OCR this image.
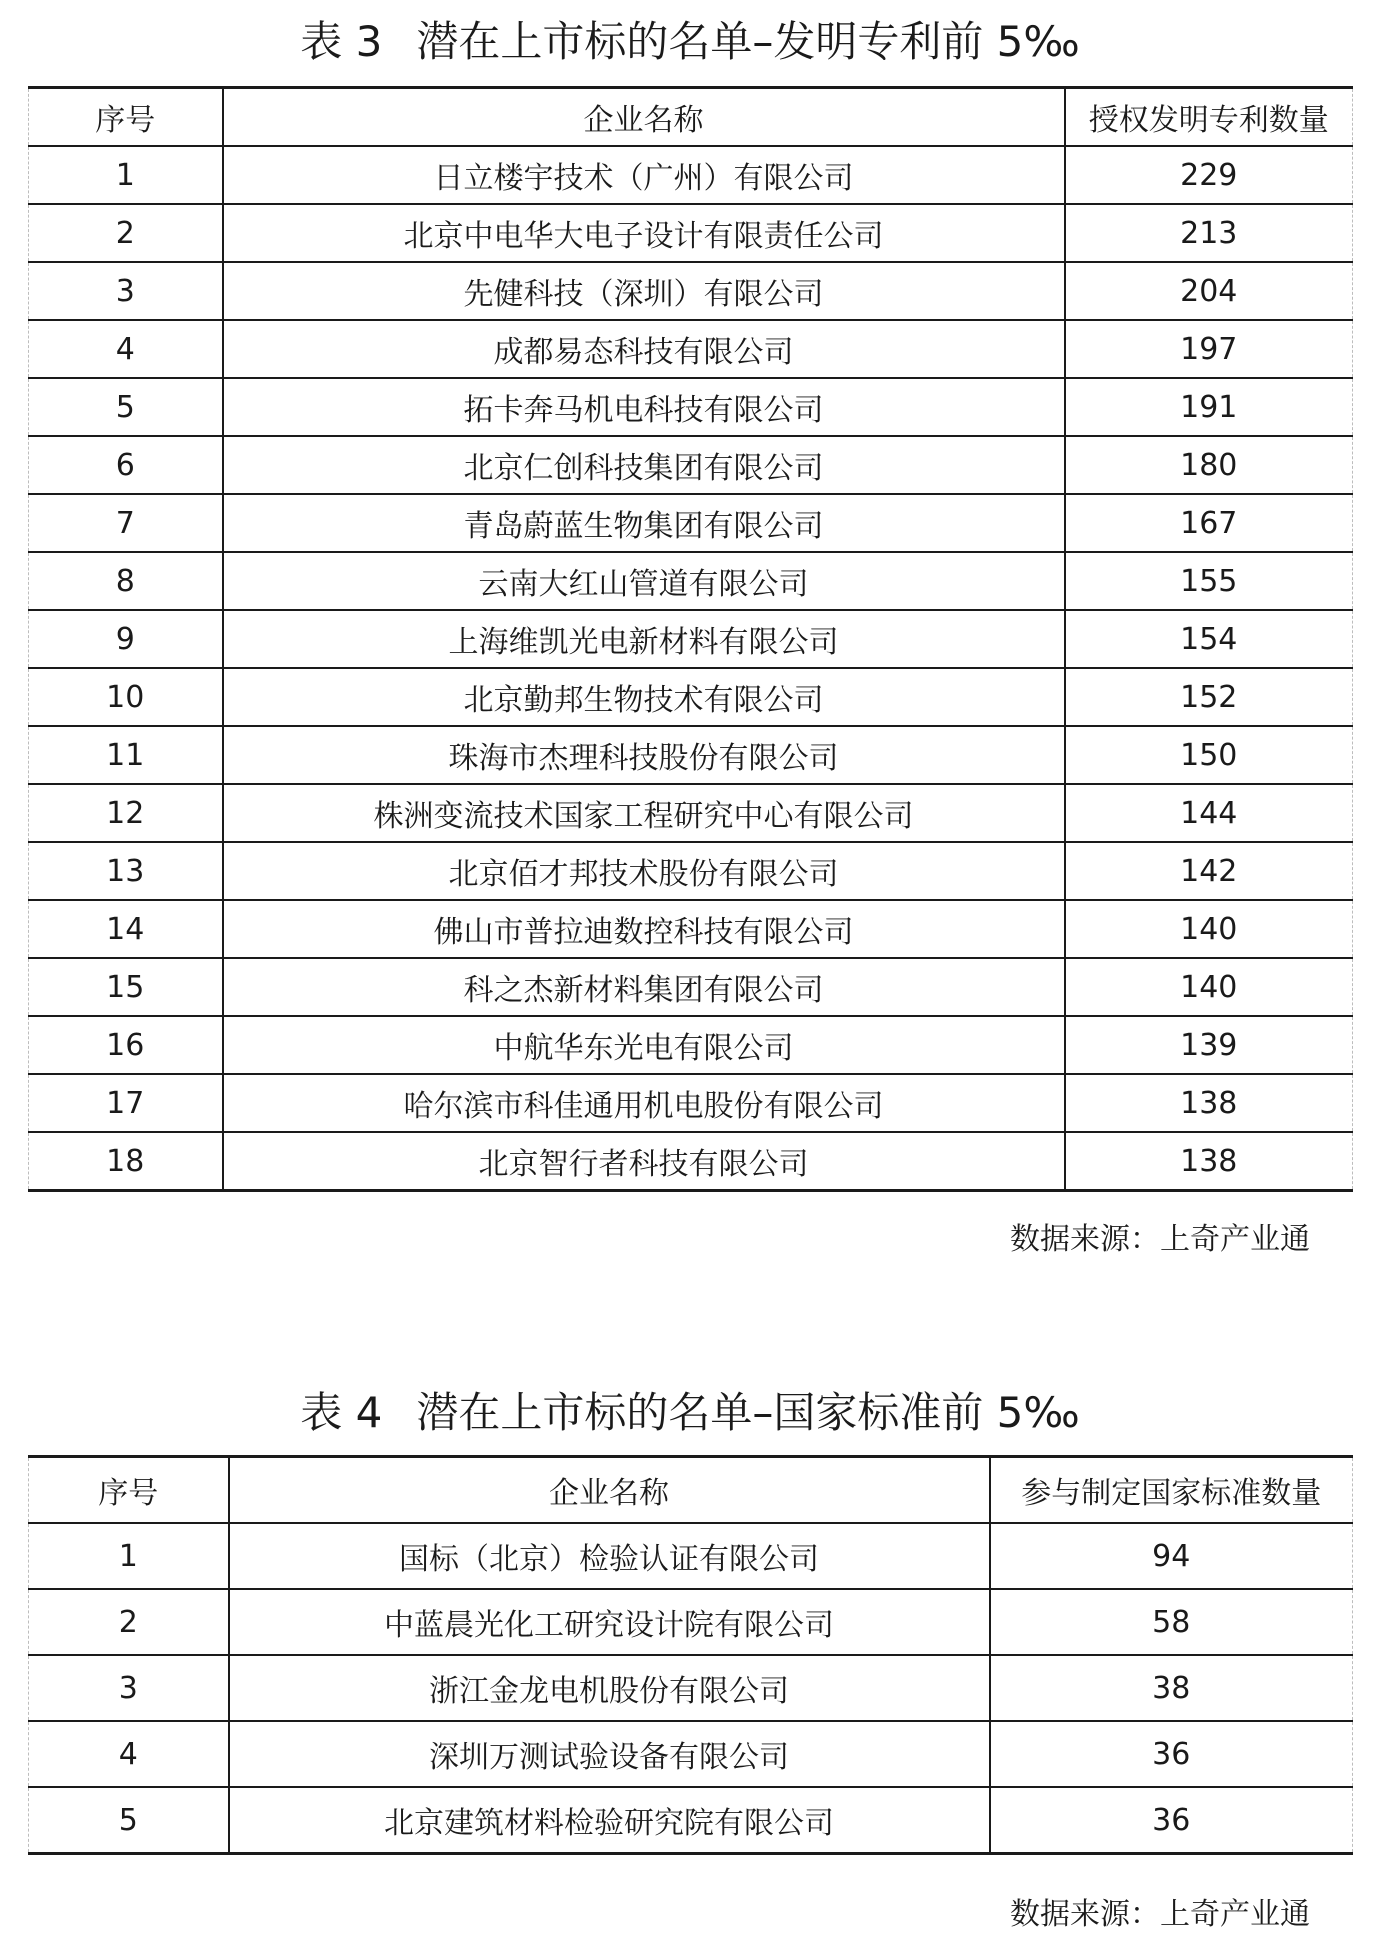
表 3 潜在上市标的名单–发明专利前 5‰
序号	企业名称	授权发明专利数量
1	日立楼宇技术（广州）有限公司	229
2	北京中电华大电子设计有限责任公司	213
3	先健科技（深圳）有限公司	204
4	成都易态科技有限公司	197
5	拓卡奔马机电科技有限公司	191
6	北京仁创科技集团有限公司	180
7	青岛蔚蓝生物集团有限公司	167
8	云南大红山管道有限公司	155
9	上海维凯光电新材料有限公司	154
10	北京勤邦生物技术有限公司	152
11	珠海市杰理科技股份有限公司	150
12	株洲变流技术国家工程研究中心有限公司	144
13	北京佰才邦技术股份有限公司	142
14	佛山市普拉迪数控科技有限公司	140
15	科之杰新材料集团有限公司	140
16	中航华东光电有限公司	139
17	哈尔滨市科佳通用机电股份有限公司	138
18	北京智行者科技有限公司	138
数据来源：上奇产业通
表 4 潜在上市标的名单–国家标准前 5‰
序号	企业名称	参与制定国家标准数量
1	国标（北京）检验认证有限公司	94
2	中蓝晨光化工研究设计院有限公司	58
3	浙江金龙电机股份有限公司	38
4	深圳万测试验设备有限公司	36
5	北京建筑材料检验研究院有限公司	36
数据来源：上奇产业通
